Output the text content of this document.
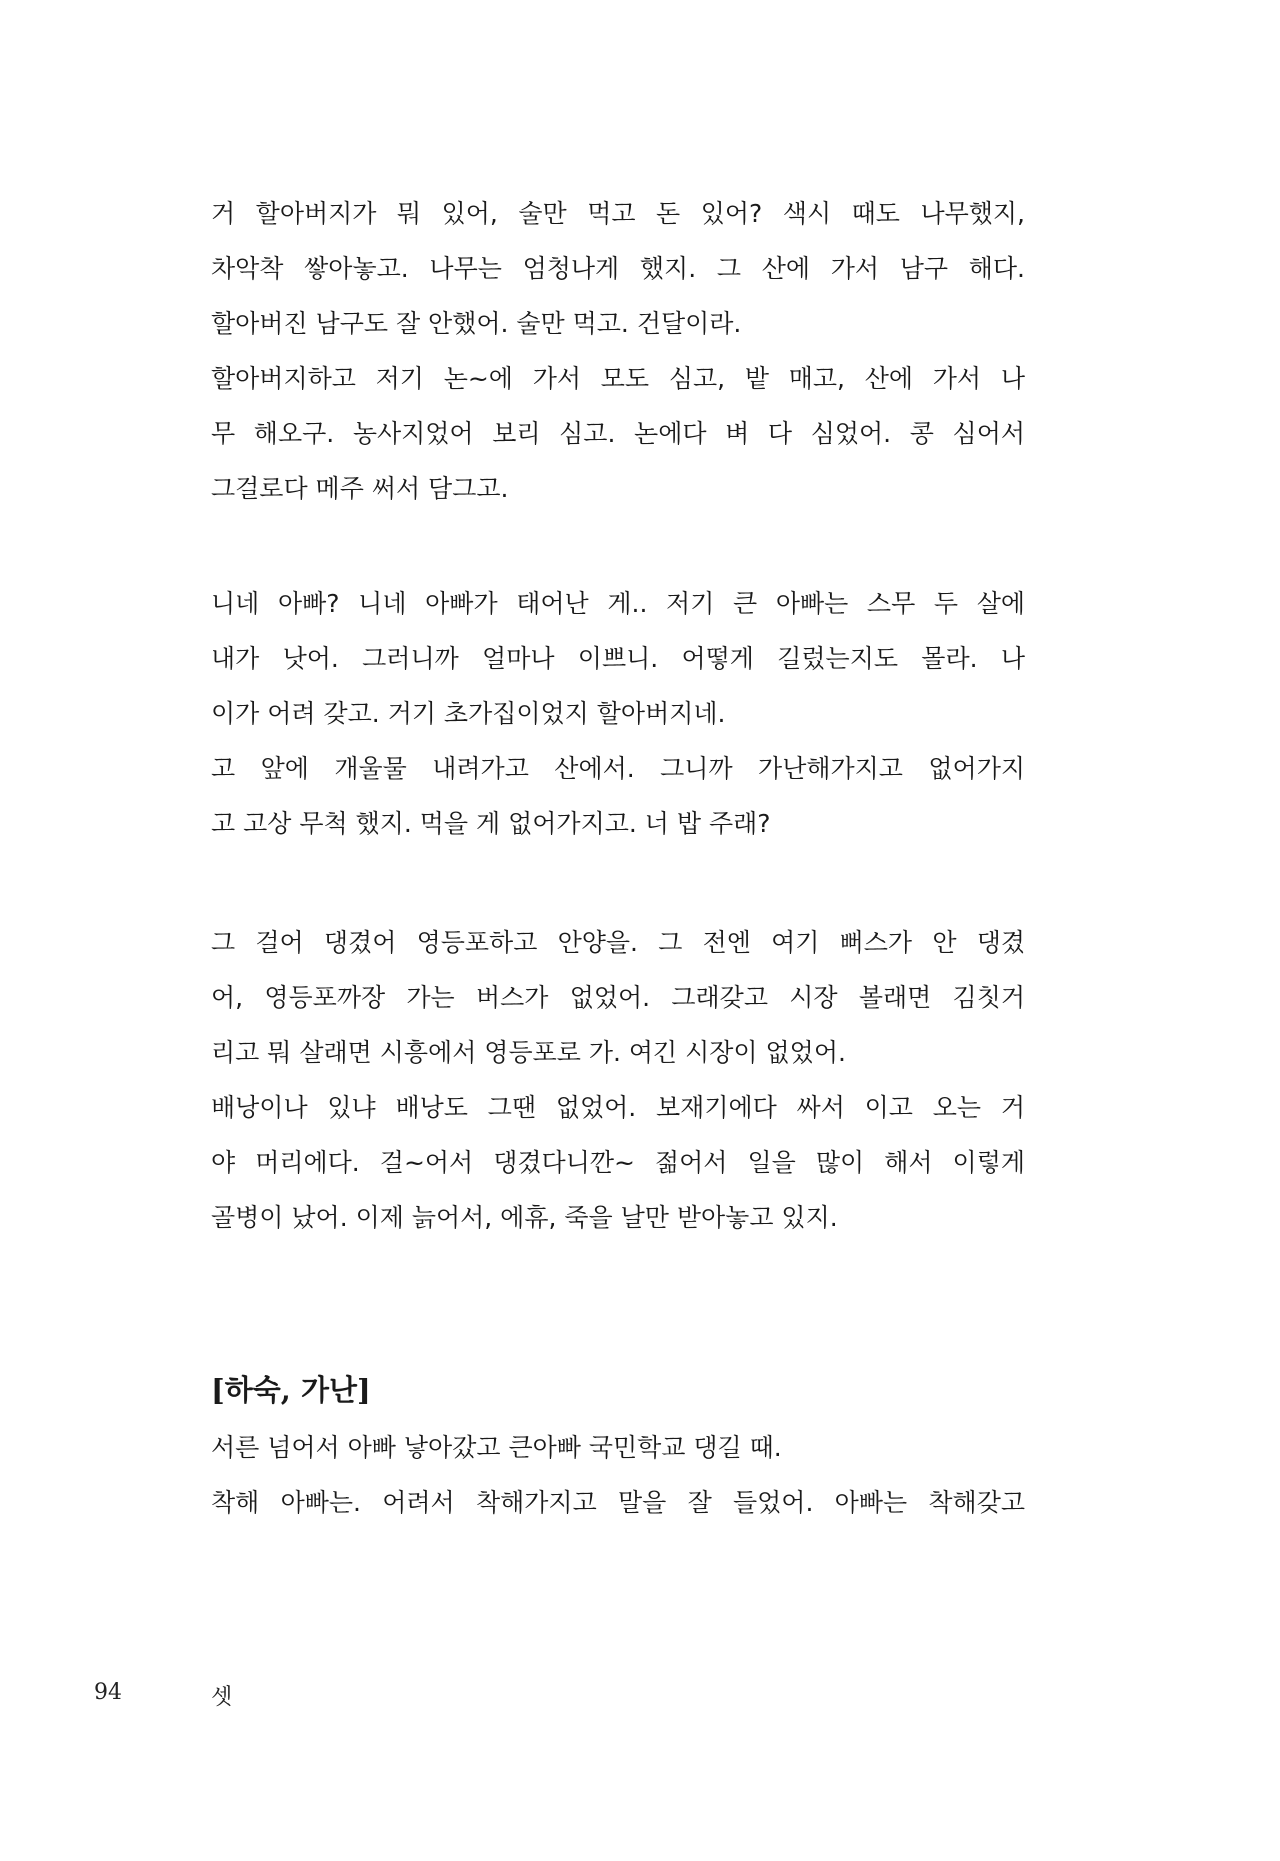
거 할아버지가 뭐 있어, 술만 먹고 돈 있어? 색시 때도 나무했지,
차악착 쌓아놓고. 나무는 엄청나게 했지. 그 산에 가서 남구 해다.
할아버진 남구도 잘 안했어. 술만 먹고. 건달이라.
할아버지하고 저기 논~에 가서 모도 심고, 밭 매고, 산에 가서 나
무 해오구. 농사지었어 보리 심고. 논에다 벼 다 심었어. 콩 심어서
그걸로다 메주 써서 담그고.
니네 아빠? 니네 아빠가 태어난 게.. 저기 큰 아빠는 스무 두 살에
내가 낫어. 그러니까 얼마나 이쁘니. 어떻게 길렀는지도 몰라. 나
이가 어려 갖고. 거기 초가집이었지 할아버지네.
고 앞에 개울물 내려가고 산에서. 그니까 가난해가지고 없어가지
고 고상 무척 했지. 먹을 게 없어가지고. 너 밥 주래?
그 걸어 댕겼어 영등포하고 안양을. 그 전엔 여기 뻐스가 안 댕겼
어, 영등포까장 가는 버스가 없었어. 그래갖고 시장 볼래면 김칫거
리고 뭐 살래면 시흥에서 영등포로 가. 여긴 시장이 없었어.
배낭이나 있냐 배낭도 그땐 없었어. 보재기에다 싸서 이고 오는 거
야 머리에다. 걸~어서 댕겼다니깐~ 젊어서 일을 많이 해서 이렇게
골병이 났어. 이제 늙어서, 에휴, 죽을 날만 받아놓고 있지.
[하숙, 가난]
서른 넘어서 아빠 낳아갔고 큰아빠 국민학교 댕길 때.
착해 아빠는. 어려서 착해가지고 말을 잘 들었어. 아빠는 착해갖고
94	셋
